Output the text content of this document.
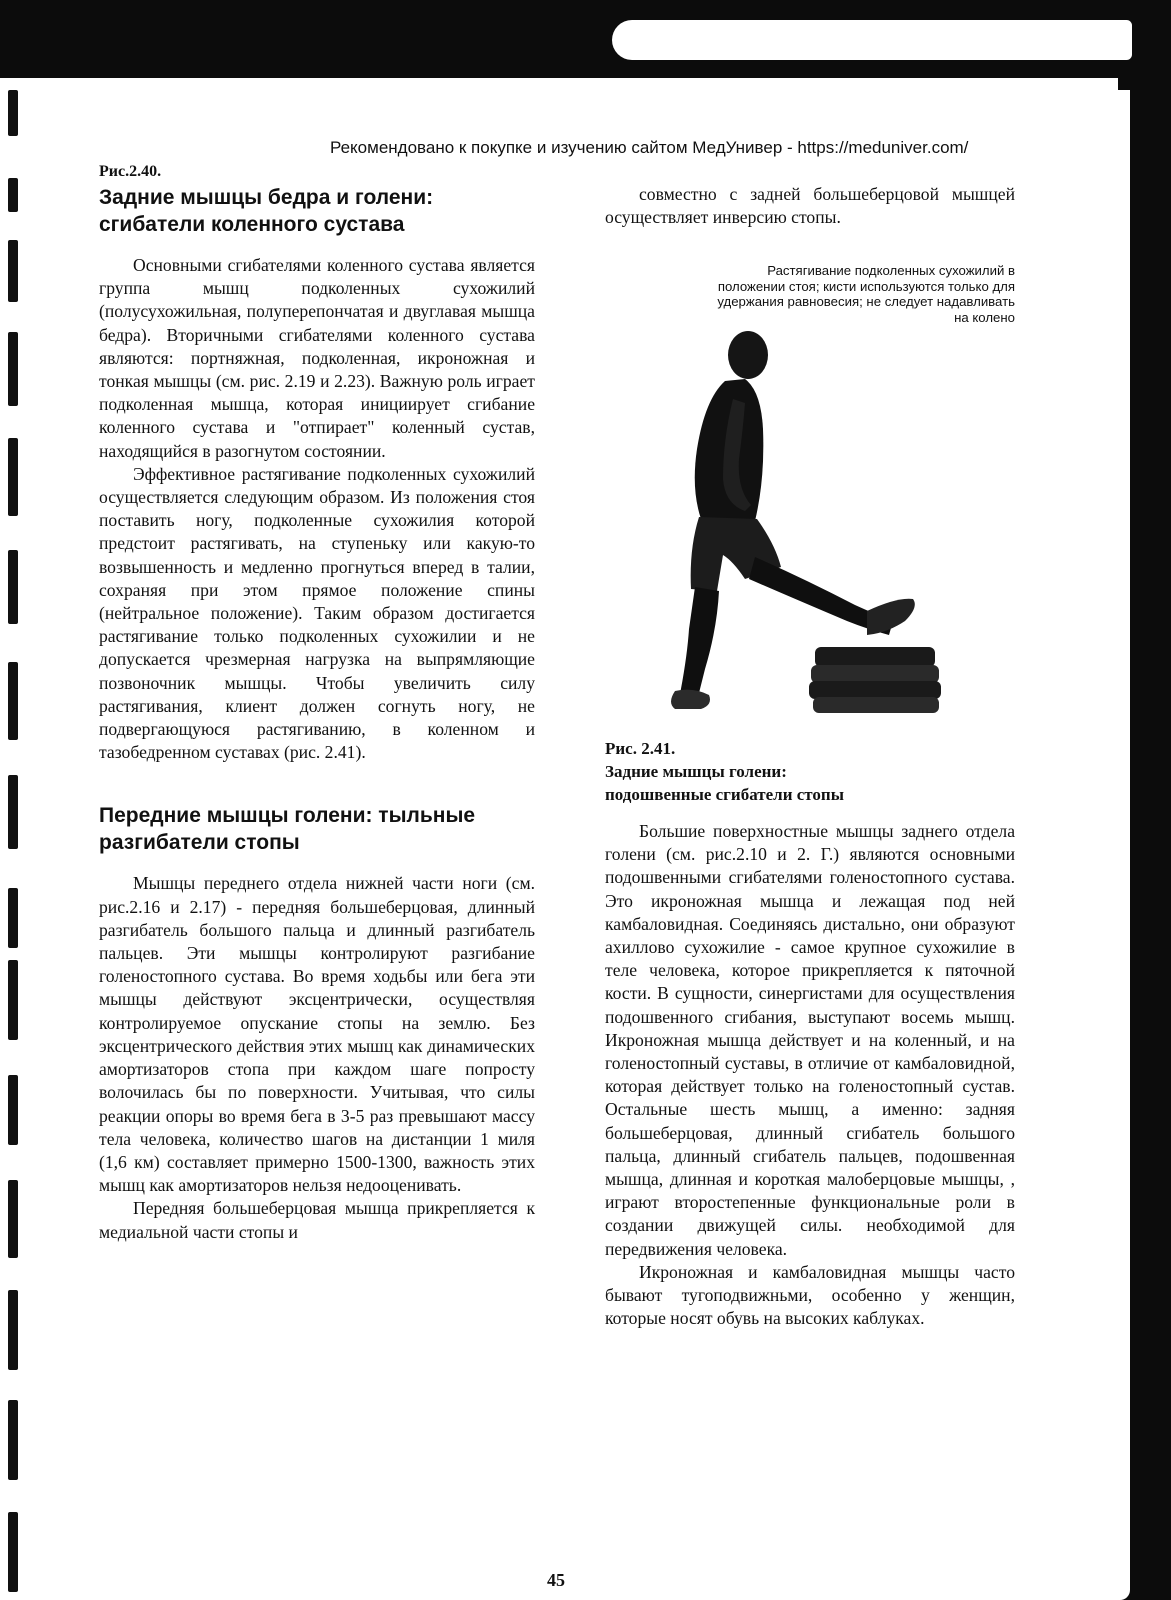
Рекомендовано к покупке и изучению сайтом МедУнивер - https://meduniver.com/

Рис.2.40.

Задние мышцы бедра и голени:
сгибатели коленного сустава

Основными сгибателями коленного сустава является группа мышц подколенных сухожилий (полусухожильная, полуперепончатая и двуглавая мышца бедра). Вторичными сгибателями коленного сустава являются: портняжная, подколенная, икроножная и тонкая мышцы (см. рис. 2.19 и 2.23). Важную роль играет подколенная мышца, которая инициирует сгибание коленного сустава и "отпирает" коленный сустав, находящийся в разогнутом состоянии.

Эффективное растягивание подколенных сухожилий осуществляется следующим образом. Из положения стоя поставить ногу, подколенные сухожилия которой предстоит растягивать, на ступеньку или какую-то возвышенность и медленно прогнуться вперед в талии, сохраняя при этом прямое положение спины (нейтральное положение). Таким образом достигается растягивание только подколенных сухожилии и не допускается чрезмерная нагрузка на выпрямляющие позвоночник мышцы. Чтобы увеличить силу растягивания, клиент должен согнуть ногу, не подвергающуюся растягиванию, в коленном и тазобедренном суставах (рис. 2.41).

Передние мышцы голени: тыльные
разгибатели стопы

Мышцы переднего отдела нижней части ноги (см. рис.2.16 и 2.17) - передняя большеберцовая, длинный разгибатель большого пальца и длинный разгибатель пальцев. Эти мышцы контролируют разгибание голеностопного сустава. Во время ходьбы или бега эти мышцы действуют эксцентрически, осуществляя контролируемое опускание стопы на землю. Без эксцентрического действия этих мышц как динамических амортизаторов стопа при каждом шаге попросту волочилась бы по поверхности. Учитывая, что силы реакции опоры во время бега в 3-5 раз превышают массу тела человека, количество шагов на дистанции 1 миля (1,6 км) составляет примерно 1500-1300, важность этих мышц как амортизаторов нельзя недооценивать.

Передняя большеберцовая мышца прикрепляется к медиальной части стопы и

совместно с задней большеберцовой мышцей осуществляет инверсию стопы.

Растягивание подколенных сухожилий в
положении стоя; кисти используются только для
удержания равновесия; не следует надавливать
на колено

Рис. 2.41.

Задние мышцы голени:

подошвенные сгибатели стопы

Большие поверхностные мышцы заднего отдела голени (см. рис.2.10 и 2. Г.) являются основными подошвенными сгибателями голеностопного сустава. Это икроножная мышца и лежащая под ней камбаловидная. Соединяясь дистально, они образуют ахиллово сухожилие - самое крупное сухожилие в теле человека, которое прикрепляется к пяточной кости. В сущности, синергистами для осуществления подошвенного сгибания, выступают восемь мышц. Икроножная мышца действует и на коленный, и на голеностопный суставы, в отличие от камбаловидной, которая действует только на голеностопный сустав. Остальные шесть мышц, а именно: задняя большеберцовая, длинный сгибатель большого пальца, длинный сгибатель пальцев, подошвенная мышца, длинная и короткая малоберцовые мышцы, , играют второстепенные функциональные роли в создании движущей силы. необходимой для передвижения человека.

Икроножная и камбаловидная мышцы часто бывают тугоподвижньми, особенно у женщин, которые носят обувь на высоких каблуках.

45
